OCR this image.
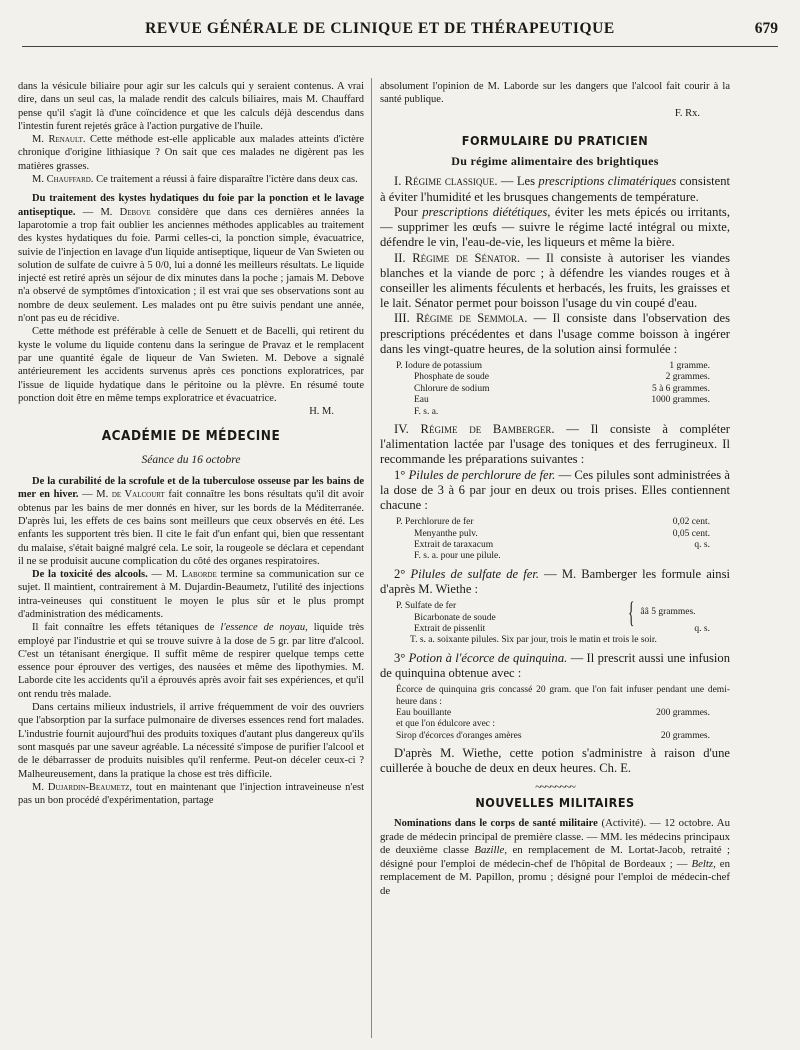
REVUE GÉNÉRALE DE CLINIQUE ET DE THÉRAPEUTIQUE	679

dans la vésicule biliaire pour agir sur les calculs qui y seraient contenus. A vrai dire, dans un seul cas, la malade rendit des calculs biliaires, mais M. Chauffard pense qu'il s'agit là d'une coïncidence et que les calculs déjà descendus dans l'intestin furent rejetés grâce à l'action purgative de l'huile.

M. Renault. Cette méthode est-elle applicable aux malades atteints d'ictère chronique d'origine lithiasique ? On sait que ces malades ne digèrent pas les matières grasses.

M. Chauffard. Ce traitement a réussi à faire disparaître l'ictère dans deux cas.

Du traitement des kystes hydatiques du foie par la ponction et le lavage antiseptique. — M. Debove considère que dans ces dernières années la laparotomie a trop fait oublier les anciennes méthodes applicables au traitement des kystes hydatiques du foie. Parmi celles-ci, la ponction simple, évacuatrice, suivie de l'injection en lavage d'un liquide antiseptique, liqueur de Van Swieten ou solution de sulfate de cuivre à 5 0/0, lui a donné les meilleurs résultats. Le liquide injecté est retiré après un séjour de dix minutes dans la poche ; jamais M. Debove n'a observé de symptômes d'intoxication ; il est vrai que ses observations sont au nombre de deux seulement. Les malades ont pu être suivis pendant une année, n'ont pas eu de récidive.

Cette méthode est préférable à celle de Senuett et de Bacelli, qui retirent du kyste le volume du liquide contenu dans la seringue de Pravaz et le remplacent par une quantité égale de liqueur de Van Swieten. M. Debove a signalé antérieurement les accidents survenus après ces ponctions exploratrices, par l'issue de liquide hydatique dans le péritoine ou la plèvre. En résumé toute ponction doit être en même temps exploratrice et évacuatrice.

H. M.
ACADÉMIE DE MÉDECINE
Séance du 16 octobre

De la curabilité de la scrofule et de la tuberculose osseuse par les bains de mer en hiver. — M. de Valcourt fait connaître les bons résultats qu'il dit avoir obtenus par les bains de mer donnés en hiver, sur les bords de la Méditerranée. D'après lui, les effets de ces bains sont meilleurs que ceux observés en été. Les enfants les supportent très bien. Il cite le fait d'un enfant qui, bien que ressentant du malaise, s'était baigné malgré cela. Le soir, la rougeole se déclara et cependant il ne se produisit aucune complication du côté des organes respiratoires.

De la toxicité des alcools. — M. Laborde termine sa communication sur ce sujet. Il maintient, contrairement à M. Dujardin-Beaumetz, l'utilité des injections intra-veineuses qui constituent le moyen le plus sûr et le plus prompt d'administration des médicaments.

Il fait connaître les effets tétaniques de l'essence de noyau, liquide très employé par l'industrie et qui se trouve suivre à la dose de 5 gr. par litre d'alcool. C'est un tétanisant énergique. Il suffit même de respirer quelque temps cette essence pour éprouver des vertiges, des nausées et même des lipothymies. M. Laborde cite les accidents qu'il a éprouvés après avoir fait ses expériences, et qu'il ont rendu très malade.

Dans certains milieux industriels, il arrive fréquemment de voir des ouvriers que l'absorption par la surface pulmonaire de diverses essences rend fort malades. L'industrie fournit aujourd'hui des produits toxiques d'autant plus dangereux qu'ils sont masqués par une saveur agréable. La nécessité s'impose de purifier l'alcool et de le débarrasser de produits nuisibles qu'il renferme. Peut-on déceler ceux-ci ? Malheureusement, dans la pratique la chose est très difficile.

M. Dujardin-Beaumetz, tout en maintenant que l'injection intraveineuse n'est pas un bon procédé d'expérimentation, partage

absolument l'opinion de M. Laborde sur les dangers que l'alcool fait courir à la santé publique.

F. Rx.
FORMULAIRE DU PRATICIEN
Du régime alimentaire des brightiques

I. Régime classique. — Les prescriptions climatériques consistent à éviter l'humidité et les brusques changements de température.

Pour prescriptions diététiques, éviter les mets épicés ou irritants, — supprimer les œufs — suivre le régime lacté intégral ou mixte, défendre le vin, l'eau-de-vie, les liqueurs et même la bière.

II. Régime de Sénator. — Il consiste à autoriser les viandes blanches et la viande de porc ; à défendre les viandes rouges et à conseiller les aliments féculents et herbacés, les fruits, les graisses et le lait. Sénator permet pour boisson l'usage du vin coupé d'eau.

III. Régime de Semmola. — Il consiste dans l'observation des prescriptions précédentes et dans l'usage comme boisson à ingérer dans les vingt-quatre heures, de la solution ainsi formulée :

P. Iodure de potassium	1 gramme.
Phosphate de soude	2 grammes.
Chlorure de sodium	5 à 6 grammes.
Eau	1000 grammes.
F. s. a.

IV. Régime de Bamberger. — Il consiste à compléter l'alimentation lactée par l'usage des toniques et des ferrugineux. Il recommande les préparations suivantes :

1° Pilules de perchlorure de fer. — Ces pilules sont administrées à la dose de 3 à 6 par jour en deux ou trois prises. Elles contiennent chacune :

P. Perchlorure de fer	0,02 cent.
Menyanthe pulv.	0,05 cent.
Extrait de taraxacum	q. s.
F. s. a. pour une pilule.

2° Pilules de sulfate de fer. — M. Bamberger les formule ainsi d'après M. Wiethe :

P. Sulfate de fer
Bicarbonate de soude	{ ââ 5 grammes.
Extrait de pissenlit	q. s.
T. s. a. soixante pilules. Six par jour, trois le matin et trois le soir.

3° Potion à l'écorce de quinquina. — Il prescrit aussi une infusion de quinquina obtenue avec :

Écorce de quinquina gris concassé 20 gram. que l'on fait infuser pendant une demi-heure dans :
Eau bouillante	200 grammes.
et que l'on édulcore avec :
Sirop d'écorces d'oranges amères	20 grammes.

D'après M. Wiethe, cette potion s'administre à raison d'une cuillerée à bouche de deux en deux heures. Ch. E.

~~~~~~~~
NOUVELLES MILITAIRES

Nominations dans le corps de santé militaire (Activité). — 12 octobre. Au grade de médecin principal de première classe. — MM. les médecins principaux de deuxième classe Bazille, en remplacement de M. Lortat-Jacob, retraité ; désigné pour l'emploi de médecin-chef de l'hôpital de Bordeaux ; — Beltz, en remplacement de M. Papillon, promu ; désigné pour l'emploi de médecin-chef de
